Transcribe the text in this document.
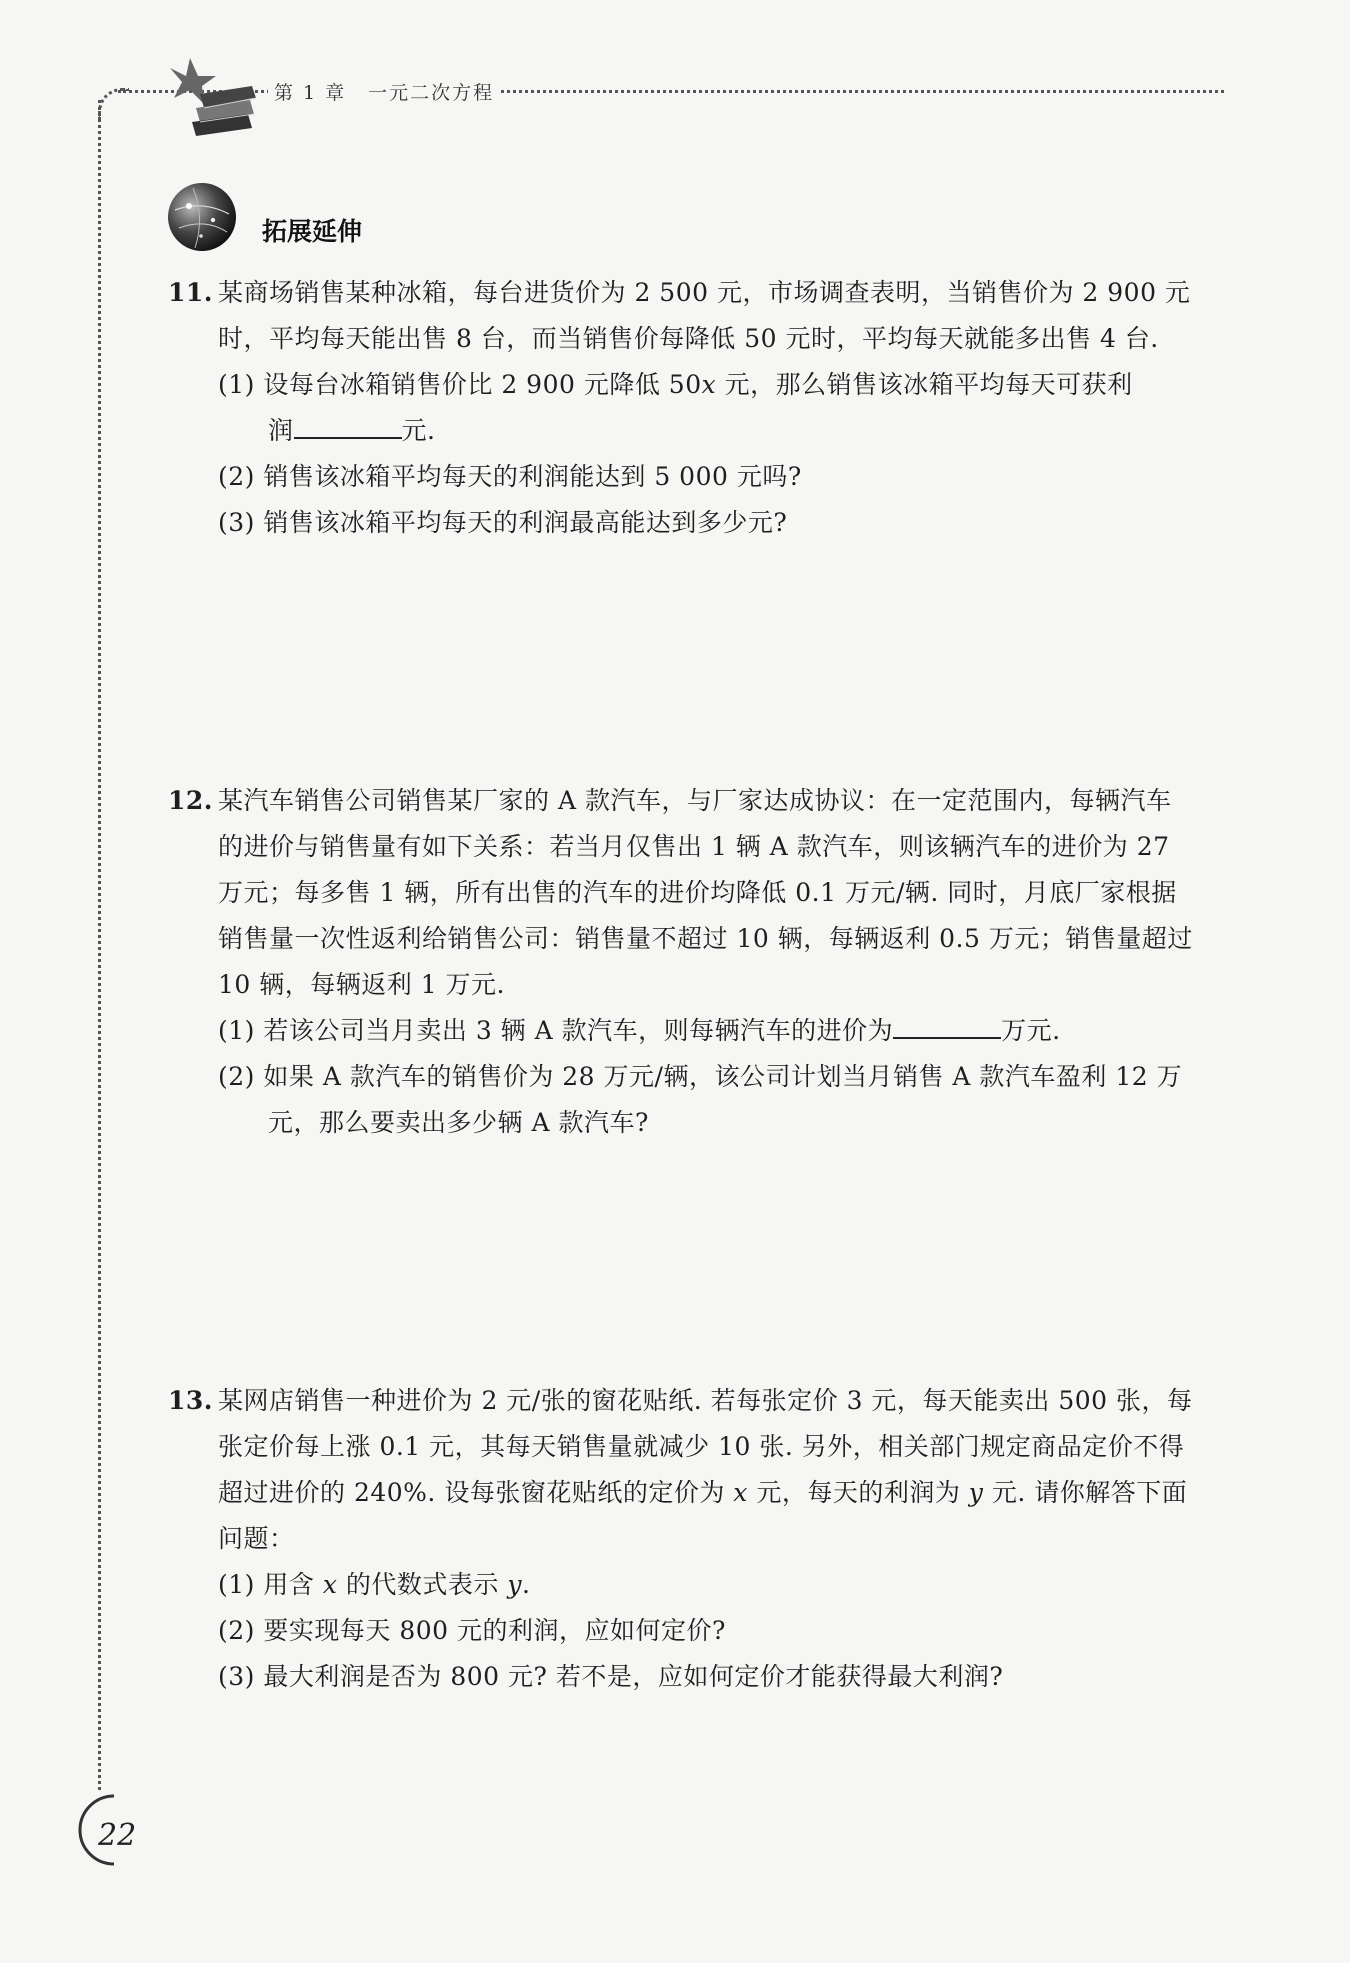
第 1 章 一元二次方程
拓展延伸
11. 某商场销售某种冰箱，每台进货价为 2 500 元，市场调查表明，当销售价为 2 900 元
时，平均每天能出售 8 台，而当销售价每降低 50 元时，平均每天就能多出售 4 台.
(1) 设每台冰箱销售价比 2 900 元降低 50x 元，那么销售该冰箱平均每天可获利
润	元.
(2) 销售该冰箱平均每天的利润能达到 5 000 元吗?
(3) 销售该冰箱平均每天的利润最高能达到多少元?
12. 某汽车销售公司销售某厂家的 A 款汽车，与厂家达成协议：在一定范围内，每辆汽车
的进价与销售量有如下关系：若当月仅售出 1 辆 A 款汽车，则该辆汽车的进价为 27
万元；每多售 1 辆，所有出售的汽车的进价均降低 0.1 万元/辆. 同时，月底厂家根据
销售量一次性返利给销售公司：销售量不超过 10 辆，每辆返利 0.5 万元；销售量超过
10 辆，每辆返利 1 万元.
(1) 若该公司当月卖出 3 辆 A 款汽车，则每辆汽车的进价为	万元.
(2) 如果 A 款汽车的销售价为 28 万元/辆，该公司计划当月销售 A 款汽车盈利 12 万
元，那么要卖出多少辆 A 款汽车?
13. 某网店销售一种进价为 2 元/张的窗花贴纸. 若每张定价 3 元，每天能卖出 500 张，每
张定价每上涨 0.1 元，其每天销售量就减少 10 张. 另外，相关部门规定商品定价不得
超过进价的 240%. 设每张窗花贴纸的定价为 x 元，每天的利润为 y 元. 请你解答下面
问题：
(1) 用含 x 的代数式表示 y.
(2) 要实现每天 800 元的利润，应如何定价?
(3) 最大利润是否为 800 元? 若不是，应如何定价才能获得最大利润?
22
